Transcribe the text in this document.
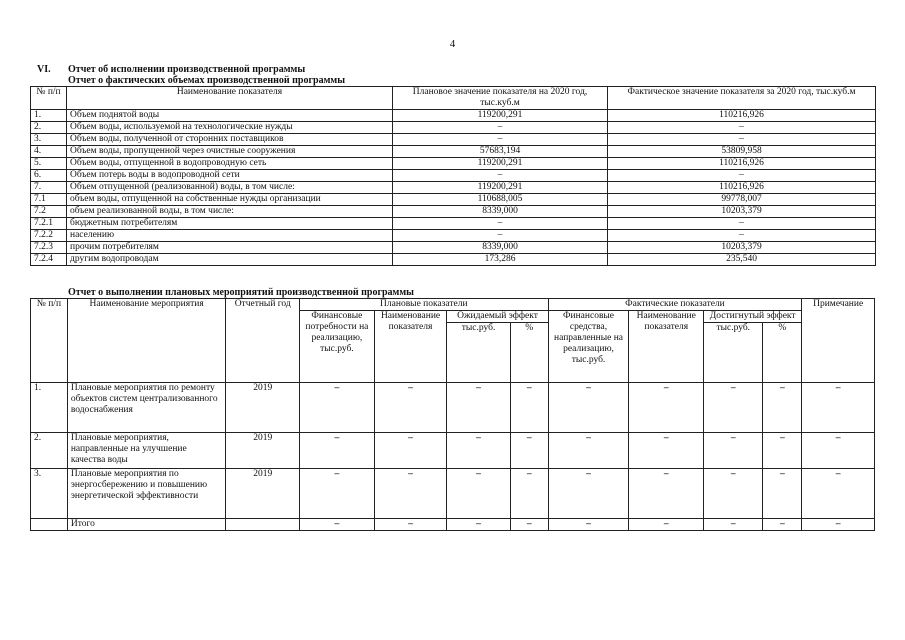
4
VI. Отчет об исполнении производственной программы
Отчет о фактических объемах производственной программы
№ п/п	Наименование показателя	Плановое значение показателя на 2020 год, тыс.куб.м	Фактическое значение показателя за 2020 год, тыс.куб.м
1.	Объем поднятой воды	119200,291	110216,926
2.	Объем воды, используемой на технологические нужды	–	–
3.	Объем воды, полученной от сторонних поставщиков	–	–
4.	Объем воды, пропущенной через очистные сооружения	57683,194	53809,958
5.	Объем воды, отпущенной в водопроводную сеть	119200,291	110216,926
6.	Объем потерь воды в водопроводной сети	–	–
7.	Объем отпущенной (реализованной) воды, в том числе:	119200,291	110216,926
7.1	объем воды, отпущенной на собственные нужды организации	110688,005	99778,007
7.2	объем реализованной воды, в том числе:	8339,000	10203,379
7.2.1	бюджетным потребителям	–	–
7.2.2	населению	–	–
7.2.3	прочим потребителям	8339,000	10203,379
7.2.4	другим водопроводам	173,286	235,540
Отчет о выполнении плановых мероприятий производственной программы
№ п/п	Наименование мероприятия	Отчетный год	Плановые показатели				Фактические показатели				Примечание
			Финансовые потребности на реализацию, тыс.руб.	Наименование показателя	Ожидаемый эффект		Финансовые средства, направленные на реализацию, тыс.руб.	Наименование показателя	Достигнутый эффект		
					тыс.руб.	%			тыс.руб.	%	
1.	Плановые мероприятия по ремонту объектов систем централизованного водоснабжения	2019	–	–	–	–	–	–	–	–	–
2.	Плановые мероприятия, направленные на улучшение качества воды	2019	–	–	–	–	–	–	–	–	–
3.	Плановые мероприятия по энергосбережению и повышению энергетической эффективности	2019	–	–	–	–	–	–	–	–	–
	Итого		–	–	–	–	–	–	–	–	–
